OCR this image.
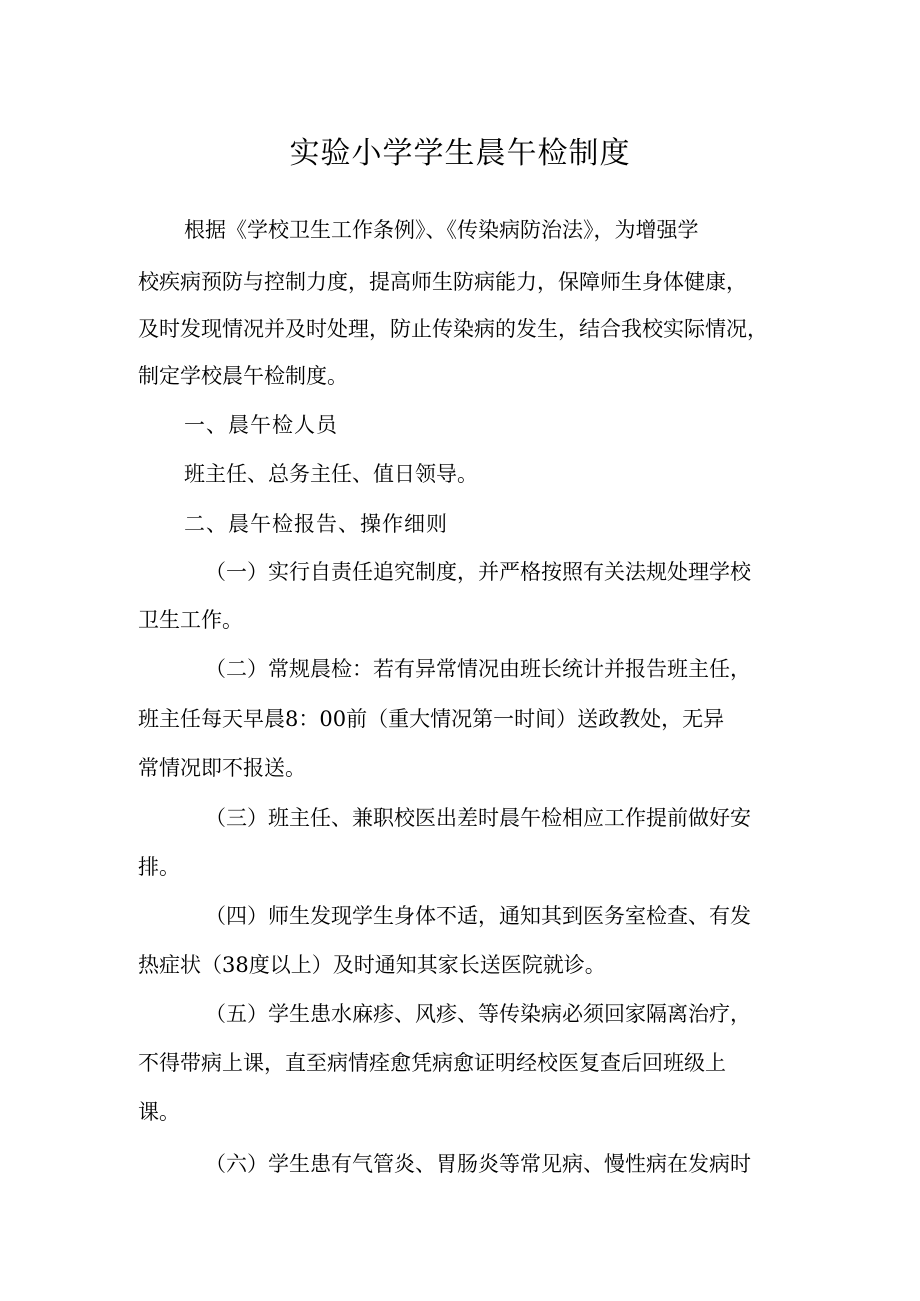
实验小学学生晨午检制度
根据《学校卫生工作条例》、《传染病防治法》，为增强学
校疾病预防与控制力度，提高师生防病能力，保障师生身体健康，
及时发现情况并及时处理，防止传染病的发生，结合我校实际情况，
制定学校晨午检制度。
一、晨午检人员
班主任、总务主任、值日领导。
二、晨午检报告、操作细则
（一）实行自责任追究制度，并严格按照有关法规处理学校
卫生工作。
（二）常规晨检：若有异常情况由班长统计并报告班主任，
班主任每天早晨8：00前（重大情况第一时间）送政教处，无异
常情况即不报送。
（三）班主任、兼职校医出差时晨午检相应工作提前做好安
排。
（四）师生发现学生身体不适，通知其到医务室检查、有发
热症状（38度以上）及时通知其家长送医院就诊。
（五）学生患水麻疹、风疹、等传染病必须回家隔离治疗，
不得带病上课，直至病情痊愈凭病愈证明经校医复查后回班级上
课。
（六）学生患有气管炎、胃肠炎等常见病、慢性病在发病时
